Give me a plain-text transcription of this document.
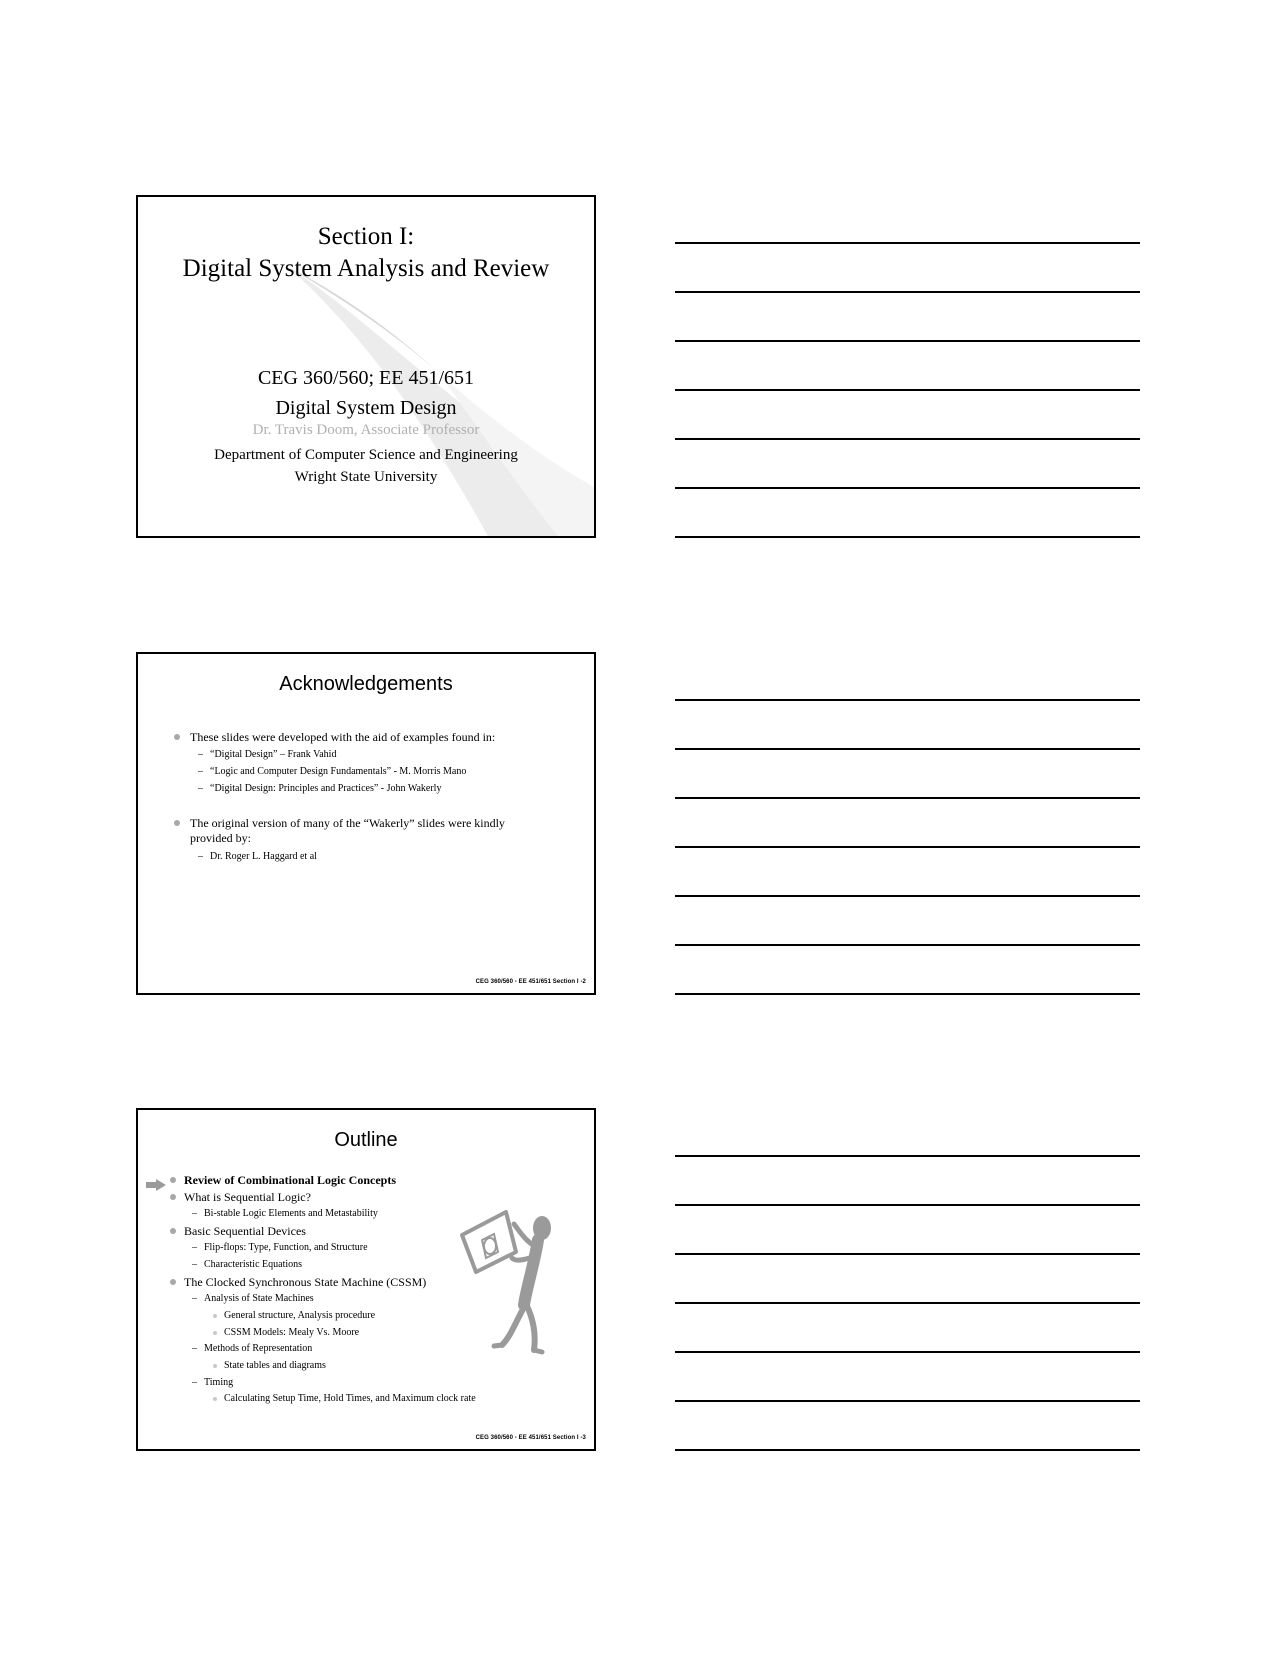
Section I:
Digital System Analysis and Review
CEG 360/560; EE 451/651
Digital System Design
Dr. Travis Doom, Associate Professor
Department of Computer Science and Engineering
Wright State University
Acknowledgements
These slides were developed with the aid of examples found in:
– “Digital Design” – Frank Vahid
– “Logic and Computer Design Fundamentals” - M. Morris Mano
– “Digital Design: Principles and Practices” - John Wakerly
The original version of many of the “Wakerly” slides were kindly
provided by:
– Dr. Roger L. Haggard et al
CEG 360/560 - EE 451/651 Section I -2
Outline
Review of Combinational Logic Concepts
What is Sequential Logic?
– Bi-stable Logic Elements and Metastability
Basic Sequential Devices
– Flip-flops: Type, Function, and Structure
– Characteristic Equations
The Clocked Synchronous State Machine (CSSM)
– Analysis of State Machines
General structure, Analysis procedure
CSSM Models: Mealy Vs. Moore
– Methods of Representation
State tables and diagrams
– Timing
Calculating Setup Time, Hold Times, and Maximum clock rate
CEG 360/560 - EE 451/651 Section I -3
